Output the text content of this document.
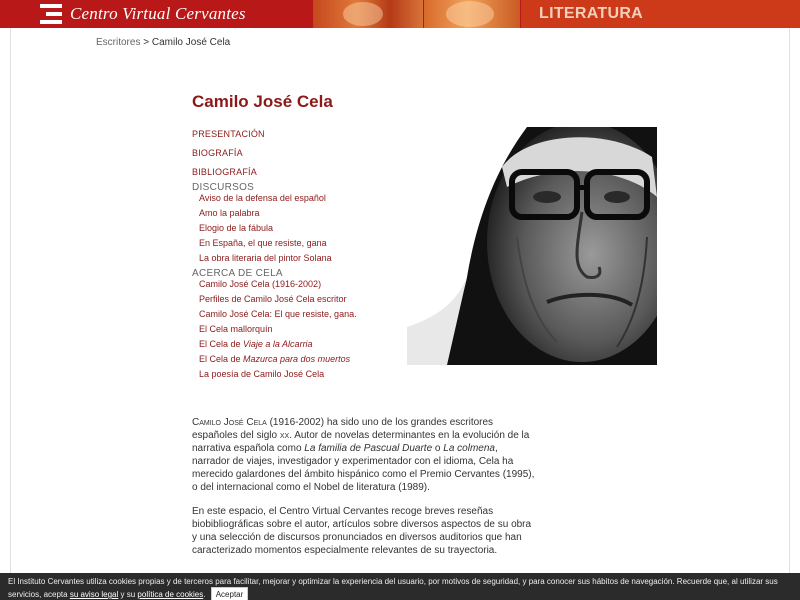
Centro Virtual Cervantes	LITERATURA
Escritores > Camilo José Cela
Camilo José Cela
PRESENTACIÓN
BIOGRAFÍA
BIBLIOGRAFÍA
DISCURSOS
Aviso de la defensa del español
Amo la palabra
Elogio de la fábula
En España, el que resiste, gana
La obra literaria del pintor Solana
ACERCA DE CELA
Camilo José Cela (1916-2002)
Perfiles de Camilo José Cela escritor
Camilo José Cela: El que resiste, gana.
El Cela mallorquín
El Cela de Viaje a la Alcarria
El Cela de Mazurca para dos muertos
La poesía de Camilo José Cela

Camilo José Cela (1916-2002) ha sido uno de los grandes escritores españoles del siglo xx. Autor de novelas determinantes en la evolución de la narrativa española como La familia de Pascual Duarte o La colmena, narrador de viajes, investigador y experimentador con el idioma, Cela ha merecido galardones del ámbito hispánico como el Premio Cervantes (1995), o del internacional como el Nobel de literatura (1989).

En este espacio, el Centro Virtual Cervantes recoge breves reseñas biobibliográficas sobre el autor, artículos sobre diversos aspectos de su obra y una selección de discursos pronunciados en diversos auditorios que han caracterizado momentos especialmente relevantes de su trayectoria.

El Instituto Cervantes utiliza cookies propias y de terceros para facilitar, mejorar y optimizar la experiencia del usuario, por motivos de seguridad, y para conocer sus hábitos de navegación. Recuerde que, al utilizar sus servicios, acepta su aviso legal y su política de cookies. Aceptar
